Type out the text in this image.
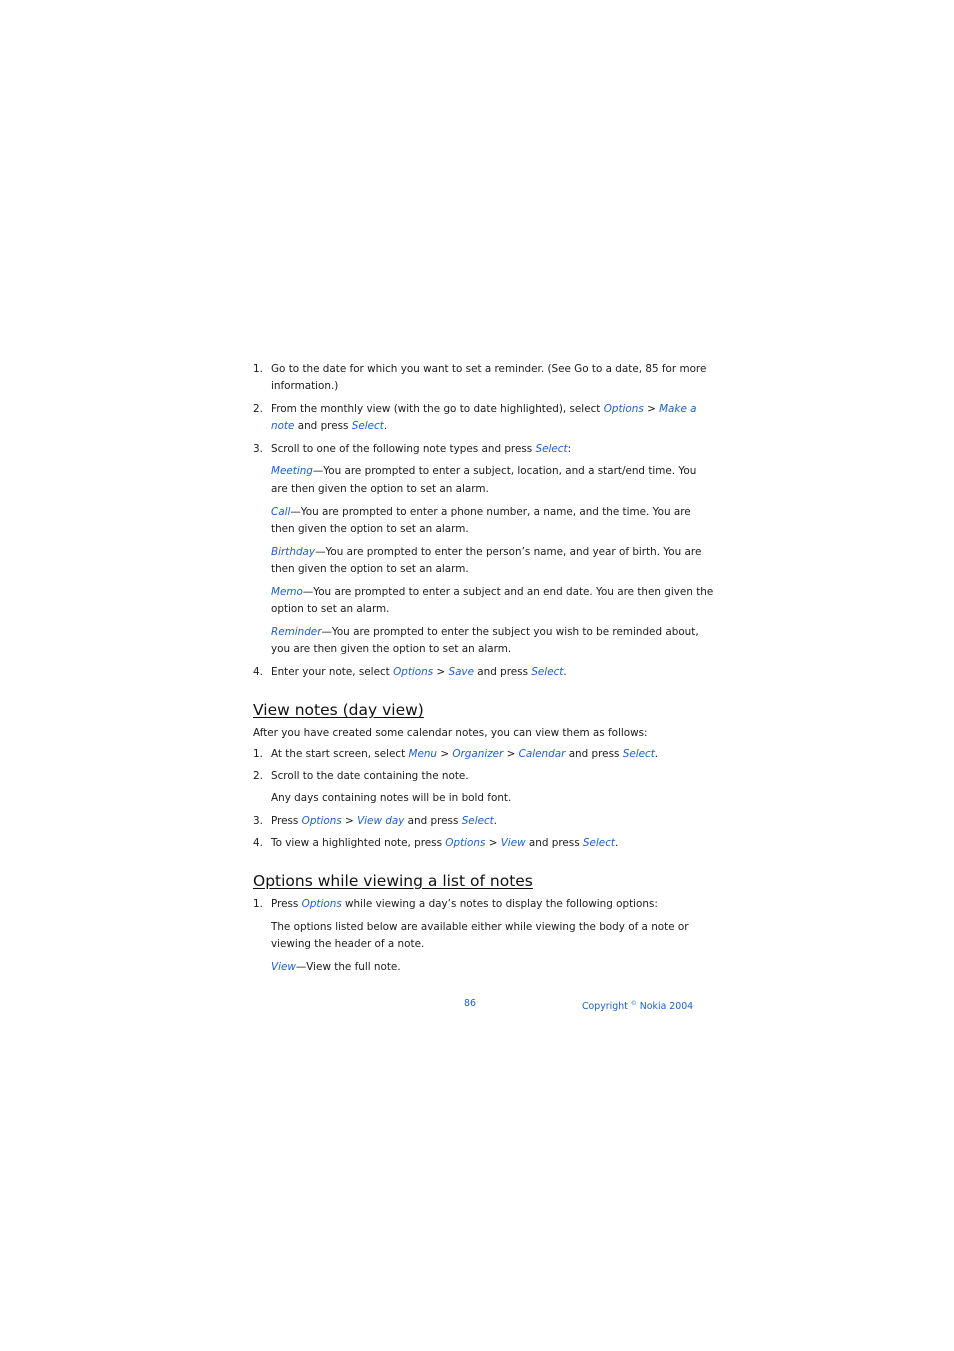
1. Go to the date for which you want to set a reminder. (See Go to a date, 85 for more
information.)
2. From the monthly view (with the go to date highlighted), select Options > Make a
note and press Select.
3. Scroll to one of the following note types and press Select:
Meeting—You are prompted to enter a subject, location, and a start/end time. You
are then given the option to set an alarm.
Call—You are prompted to enter a phone number, a name, and the time. You are
then given the option to set an alarm.
Birthday—You are prompted to enter the person’s name, and year of birth. You are
then given the option to set an alarm.
Memo—You are prompted to enter a subject and an end date. You are then given the
option to set an alarm.
Reminder—You are prompted to enter the subject you wish to be reminded about,
you are then given the option to set an alarm.
4. Enter your note, select Options > Save and press Select.
View notes (day view)
After you have created some calendar notes, you can view them as follows:
1. At the start screen, select Menu > Organizer > Calendar and press Select.
2. Scroll to the date containing the note.
Any days containing notes will be in bold font.
3. Press Options > View day and press Select.
4. To view a highlighted note, press Options > View and press Select.
Options while viewing a list of notes
1. Press Options while viewing a day’s notes to display the following options:
The options listed below are available either while viewing the body of a note or
viewing the header of a note.
View—View the full note.
86	Copyright © Nokia 2004
